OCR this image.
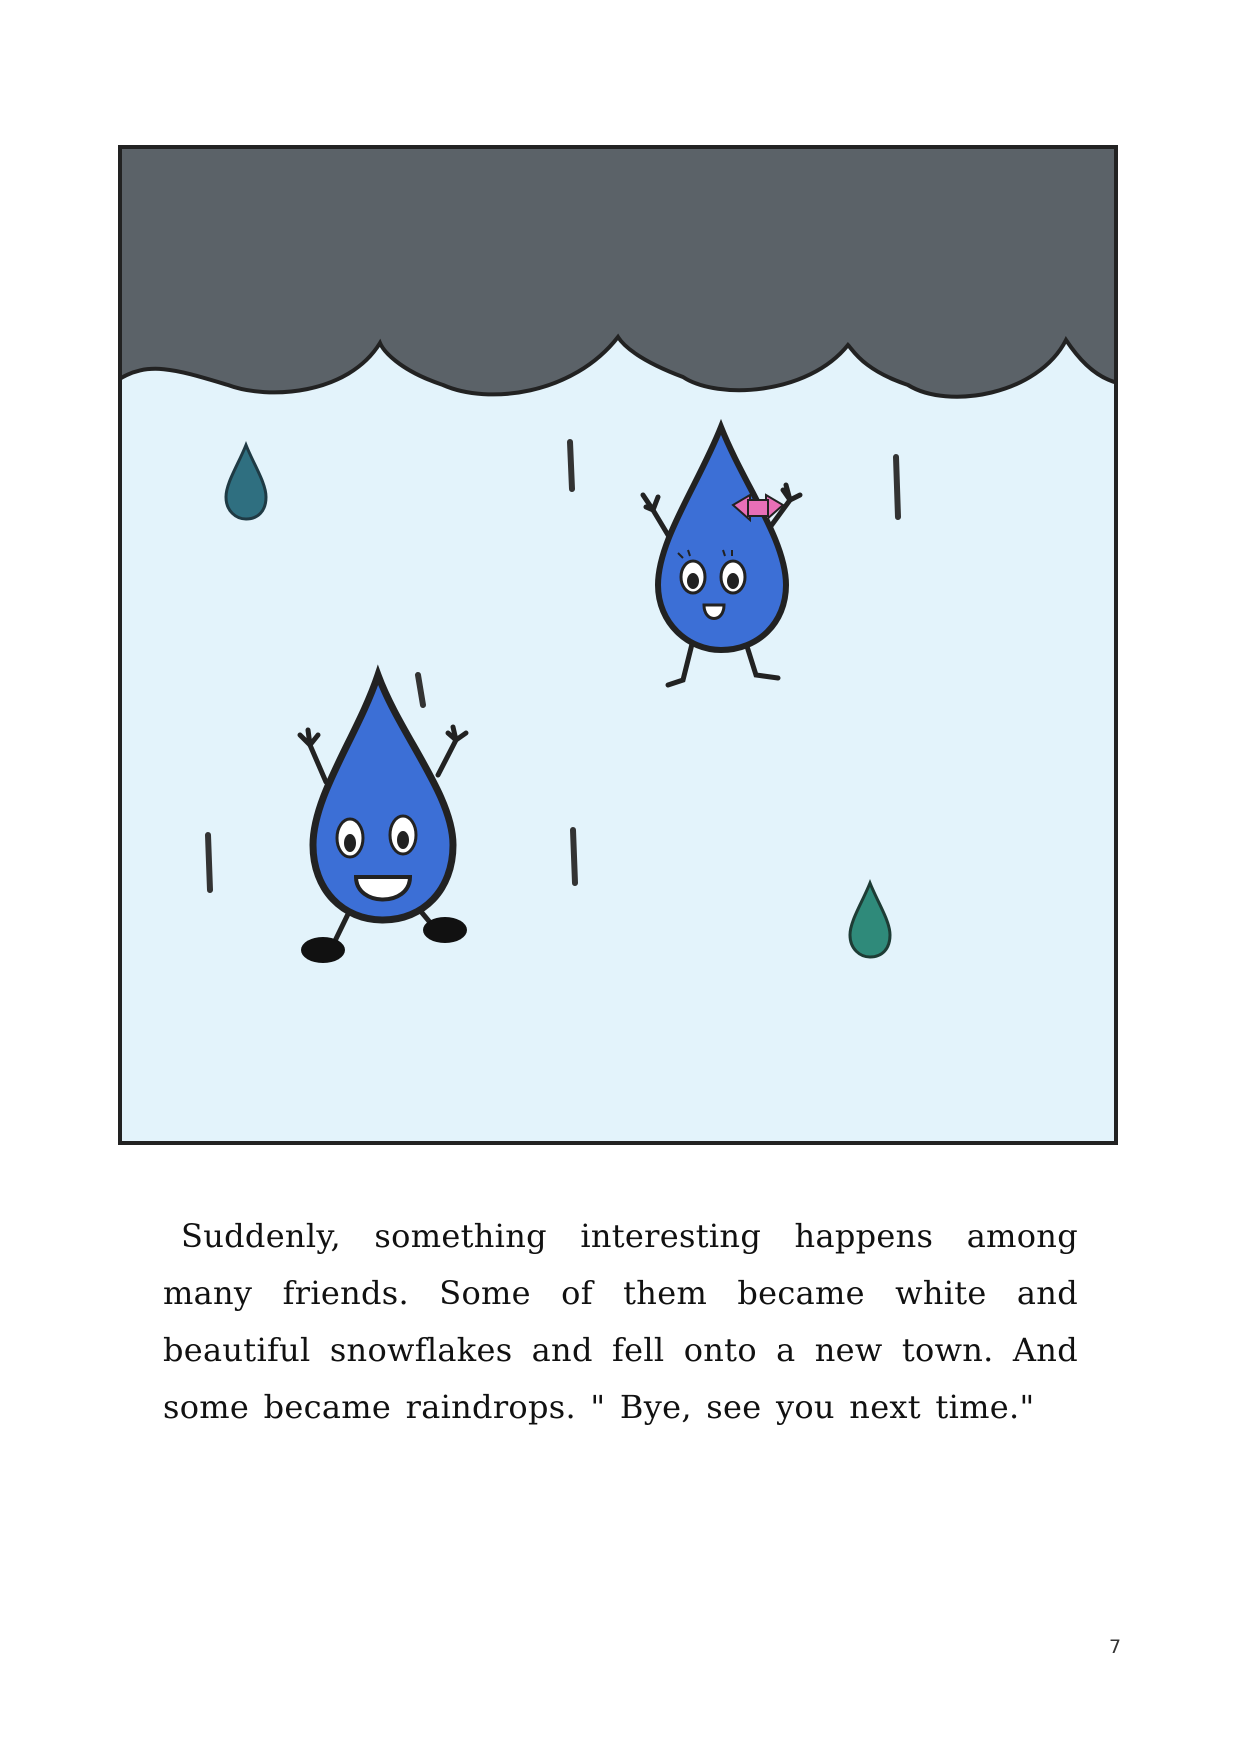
Suddenly, something interesting happens among many friends. Some of them became white and beautiful snowflakes and fell onto a new town. And some became raindrops. " Bye, see you next time."

7
